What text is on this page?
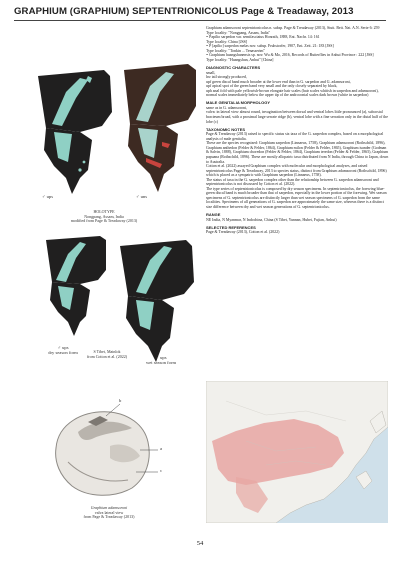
GRAPHIUM (GRAPHIUM) SEPTENTRIONICOLUS Page & Treadaway, 2013
♂ ups	♂ uns
HOLOTYPE
Nongpang, Assam, India
modified from Page & Treadaway (2013)
♂ ups
dry season form
♂ ups
wet season form
S Tibet, Mainlok
from Cotton et al. (2022)
b
a
c
Graphium adamsoroni
valva lateral view
from Page & Treadaway (2013)

Graphium adamsoroni septentrionicolus n. subsp. Page & Treadaway (2013), Stutt. Beit. Nat. A.N. Serie 6: 259

Type locality: "Nongpang, Assam, India"

= Papilio sarpedon var. semifasciatus Honrath, 1888, Ent. Nachr. 14: 161

Type locality: China [JSS]

= P [apilio] sarpedon melas nov. subsp. Fruhstorfer, 1907, Ent. Zeit. 21: 183 [JSS]

Type locality: "Tonkin ... Tenasserim"

= Graphium huangshanensis sp. nov. Wu & Mo, 2016, Records of Butterflies in Anhui Province : 222 [JSS]

Type locality: "Huangshan, Anhui" [China]

DIAGNOSTIC CHARACTERS

small,

hw tail strongly produced,

upf green discal band much broader at the lower end than in G. sarpedon and G. adamsoroni,

upf apical spot of the green band very small and the only closely separated by black,

uph anal fold with pale yellowish-brown elongate hair scales (hair scales whitish in sarpedon and adamsoroni), normal scales immediately below the upper tip of the androconial scales dark brown (white in sarpedon)

MALE GENITALIA MORPHOLOGY

same as in G. adamsoroni,

valva: in lateral view almost round, invagination between dorsal and ventral lobes little pronounced (a), subcostal bracteum broad, with a proximal large serrate ridge (b), ventral lobe with a fine serration only in the distal half of the lobe (c)

TAXONOMIC NOTES

Page & Treadaway (2013) raised to specific status six taxa of the G. sarpedon complex, based on a morphological analysis of male genitalia.

These are the species recognized: Graphium sarpedon (Linnaeus, 1758), Graphium adamsoroni (Rothschild, 1896), Graphium anthedon (Felder & Felder, 1864), Graphium milon (Felder & Felder, 1865), Graphium isander (Godman & Salvin, 1888), Graphium choredon (Felder & Felder, 1864), Graphium teredon (Felder & Felder, 1865), Graphium papuana (Rothschild, 1896). These are mostly allopatric taxa distributed from N India, through China to Japan, down to Australia.

Cotton et al. (2022) assayed Graphium complex with molecular and morphological analyses, and raised septentrionicolus Page & Treadaway, 2013 to species status, distinct from Graphium adamsoroni (Rothschild, 1896) which is placed as a sympatric with Graphium sarpedon (Linnaeus, 1758).

The status of taxa in the G. sarpedon complex other than the relationship between G. sarpedon adamsoroni and septentrionicolus is not discussed by Cotton et al. (2022).

The type series of septentrionicolus is composed by dry season specimens. In septentrionicolus, the forewing blue-green discal band is much broader than that of sarpedon, especially in the lower portion of the forewing. Wet season specimens of G. septentrionicolus are distinctly larger than wet season specimens of G. sarpedon from the same localities. Specimens of all generations of G. sarpedon are approximately the same size, whereas there is a distinct size difference between dry and wet season generations of G. septentrionicolus.

RANGE

NE India, N Myanmar, N Indochina, China (S Tibet, Yunnan, Hubei, Fujian, Anhui)

SELECTED REFERENCES

Page & Treadaway (2013), Cotton et al. (2022)

54
